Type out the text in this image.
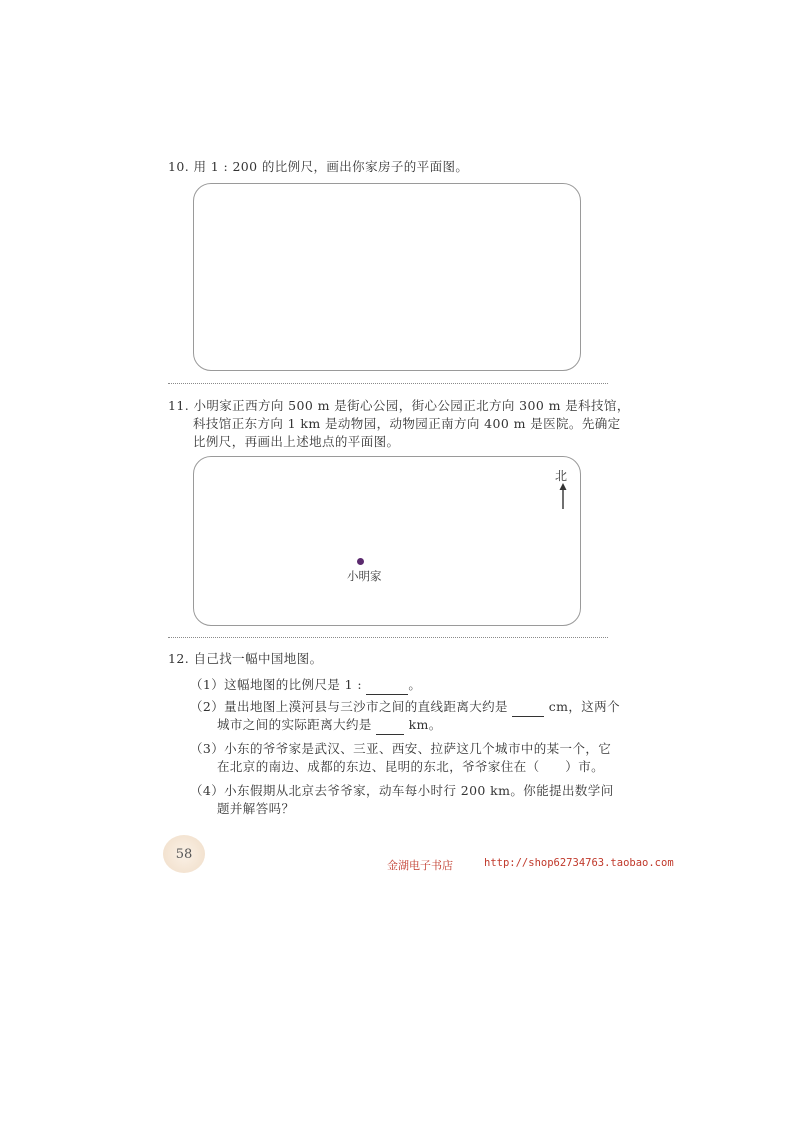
10. 用 1 : 200 的比例尺，画出你家房子的平面图。
11. 小明家正西方向 500 m 是街心公园，街心公园正北方向 300 m 是科技馆，
科技馆正东方向 1 km 是动物园，动物园正南方向 400 m 是医院。先确定
比例尺，再画出上述地点的平面图。
北
小明家
12. 自己找一幅中国地图。
（1）这幅地图的比例尺是 1 :	。
（2）量出地图上漠河县与三沙市之间的直线距离大约是	cm，这两个
城市之间的实际距离大约是	km。
（3）小东的爷爷家是武汉、三亚、西安、拉萨这几个城市中的某一个，它
在北京的南边、成都的东边、昆明的东北，爷爷家住在（　　）市。
（4）小东假期从北京去爷爷家，动车每小时行 200 km。你能提出数学问
题并解答吗？
58
金湖电子书店	http://shop62734763.taobao.com
